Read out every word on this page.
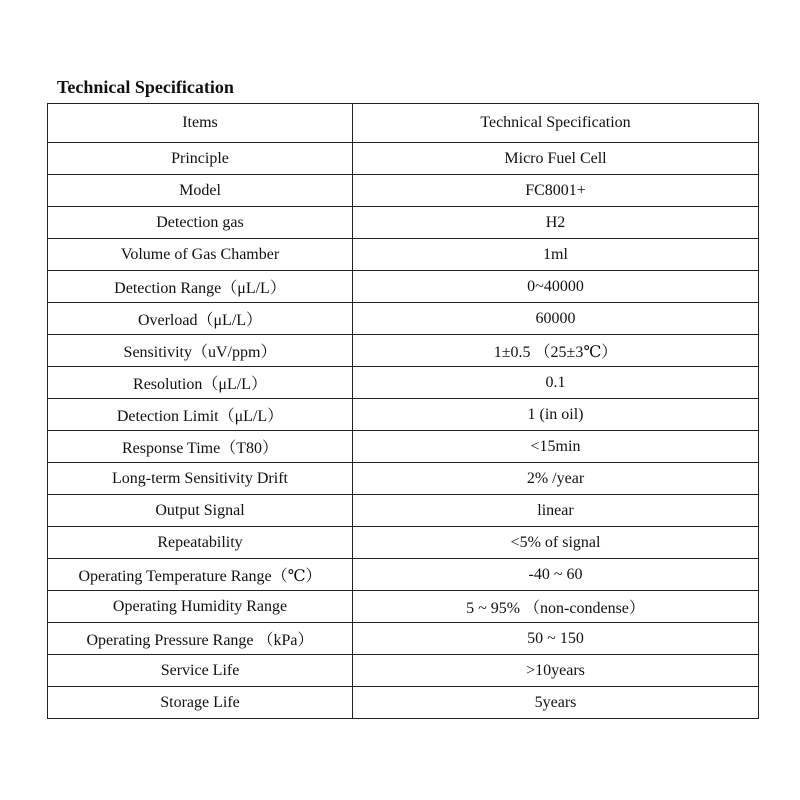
Technical Specification
Items	Technical Specification
Principle	Micro Fuel Cell
Model	FC8001+
Detection gas	H2
Volume of Gas Chamber	1ml
Detection Range（μL/L）	0~40000
Overload（μL/L）	60000
Sensitivity（uV/ppm）	1±0.5 （25±3℃）
Resolution（μL/L）	0.1
Detection Limit（μL/L）	1 (in oil)
Response Time（T80）	<15min
Long-term Sensitivity Drift	2% /year
Output Signal	linear
Repeatability	<5% of signal
Operating Temperature Range（℃）	-40 ~ 60
Operating Humidity Range	5 ~ 95% （non-condense）
Operating Pressure Range （kPa）	50 ~ 150
Service Life	>10years
Storage Life	5years
